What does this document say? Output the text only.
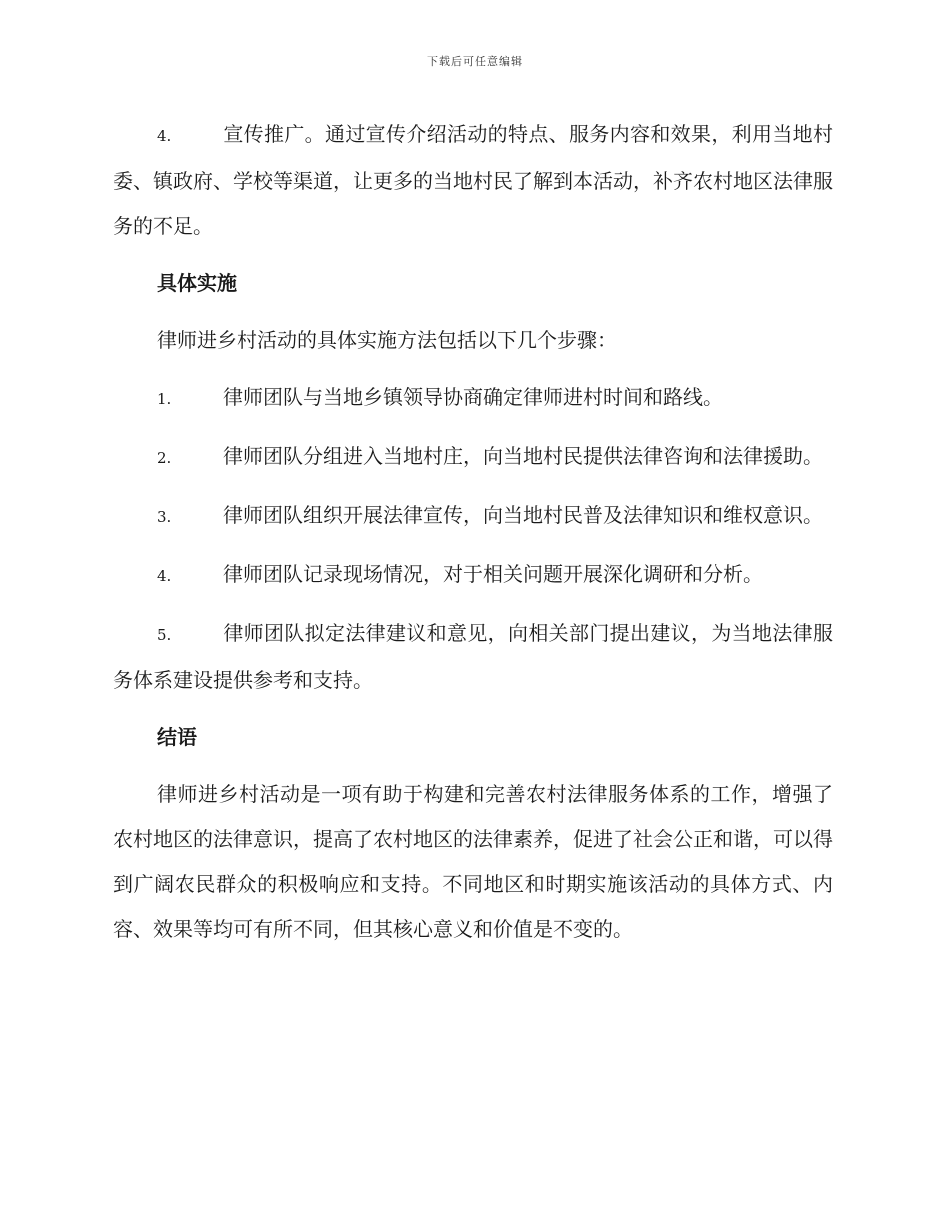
下载后可任意编辑

4.	宣传推广。通过宣传介绍活动的特点、服务内容和效果，利用当地村委、镇政府、学校等渠道，让更多的当地村民了解到本活动，补齐农村地区法律服务的不足。

具体实施

律师进乡村活动的具体实施方法包括以下几个步骤：

1.	律师团队与当地乡镇领导协商确定律师进村时间和路线。

2.	律师团队分组进入当地村庄，向当地村民提供法律咨询和法律援助。

3.	律师团队组织开展法律宣传，向当地村民普及法律知识和维权意识。

4.	律师团队记录现场情况，对于相关问题开展深化调研和分析。

5.	律师团队拟定法律建议和意见，向相关部门提出建议，为当地法律服务体系建设提供参考和支持。

结语

律师进乡村活动是一项有助于构建和完善农村法律服务体系的工作，增强了农村地区的法律意识，提高了农村地区的法律素养，促进了社会公正和谐，可以得到广阔农民群众的积极响应和支持。不同地区和时期实施该活动的具体方式、内容、效果等均可有所不同，但其核心意义和价值是不变的。
